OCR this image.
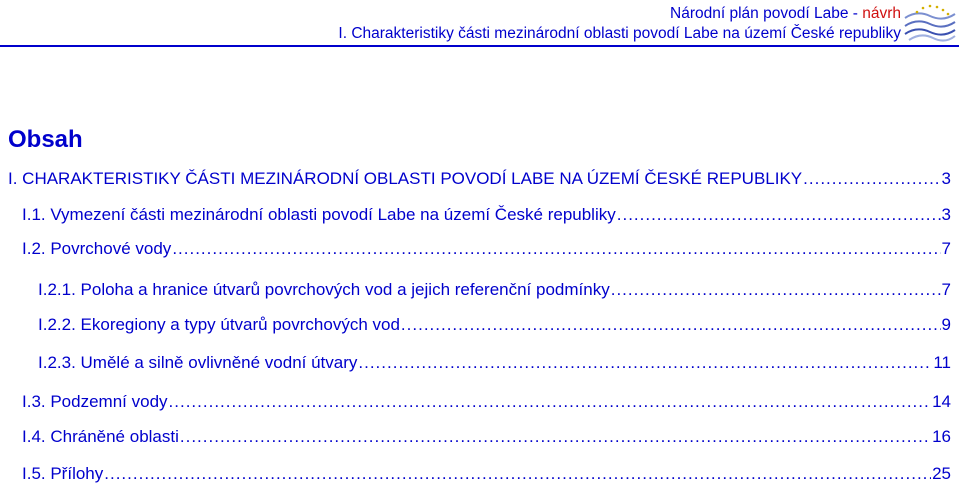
Národní plán povodí Labe - návrh
I. Charakteristiky části mezinárodní oblasti povodí Labe na území České republiky
Obsah
I. CHARAKTERISTIKY ČÁSTI MEZINÁRODNÍ OBLASTI POVODÍ LABE NA ÚZEMÍ ČESKÉ REPUBLIKY .....	3
I.1. Vymezení části mezinárodní oblasti povodí Labe na území České republiky .....	3
I.2. Povrchové vody .....	7
I.2.1. Poloha a hranice útvarů povrchových vod a jejich referenční podmínky .....	7
I.2.2. Ekoregiony a typy útvarů povrchových vod .....	9
I.2.3. Umělé a silně ovlivněné vodní útvary .....	11
I.3. Podzemní vody .....	14
I.4. Chráněné oblasti .....	16
I.5. Přílohy .....	25
